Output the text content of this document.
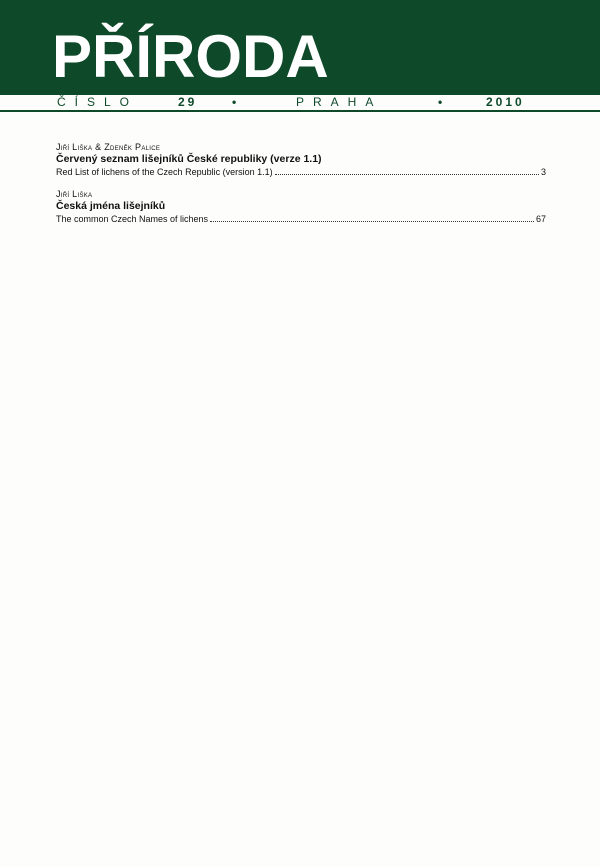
PŘÍRODA
ČÍSLO	29	•	PRAHA	•	2010
Jiří Liška & Zdeněk Palice
Červený seznam lišejníků České republiky (verze 1.1)
Red List of lichens of the Czech Republic (version 1.1)	3
Jiří Liška
Česká jména lišejníků
The common Czech Names of lichens	67
